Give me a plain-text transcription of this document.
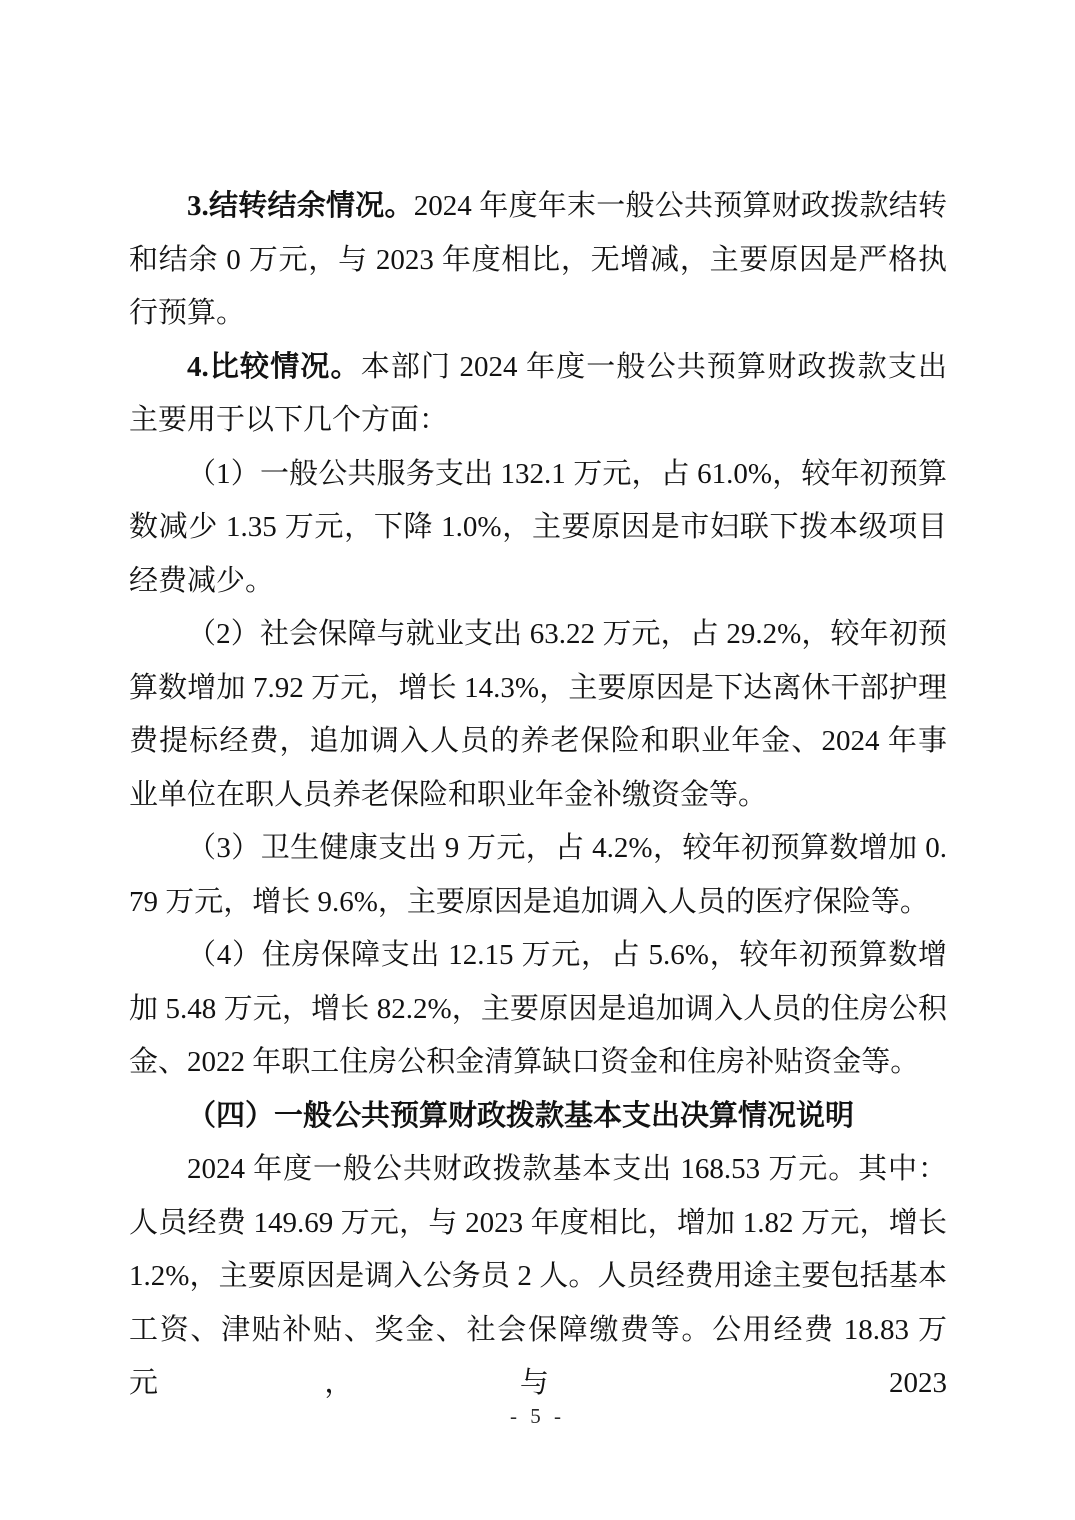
3.结转结余情况。2024 年度年末一般公共预算财政拨款结转和结余 0 万元，与 2023 年度相比，无增减，主要原因是严格执行预算。

4.比较情况。本部门 2024 年度一般公共预算财政拨款支出主要用于以下几个方面：

（1）一般公共服务支出 132.1 万元，占 61.0%，较年初预算数减少 1.35 万元，下降 1.0%，主要原因是市妇联下拨本级项目经费减少。

（2）社会保障与就业支出 63.22 万元，占 29.2%，较年初预算数增加 7.92 万元，增长 14.3%，主要原因是下达离休干部护理费提标经费，追加调入人员的养老保险和职业年金、2024 年事业单位在职人员养老保险和职业年金补缴资金等。

（3）卫生健康支出 9 万元，占 4.2%，较年初预算数增加 0.79 万元，增长 9.6%，主要原因是追加调入人员的医疗保险等。

（4）住房保障支出 12.15 万元，占 5.6%，较年初预算数增加 5.48 万元，增长 82.2%，主要原因是追加调入人员的住房公积金、2022 年职工住房公积金清算缺口资金和住房补贴资金等。

（四）一般公共预算财政拨款基本支出决算情况说明

2024 年度一般公共财政拨款基本支出 168.53 万元。其中：人员经费 149.69 万元，与 2023 年度相比，增加 1.82 万元，增长 1.2%，主要原因是调入公务员 2 人。人员经费用途主要包括基本工资、津贴补贴、奖金、社会保障缴费等。公用经费 18.83 万元，与 2023

- 5 -
